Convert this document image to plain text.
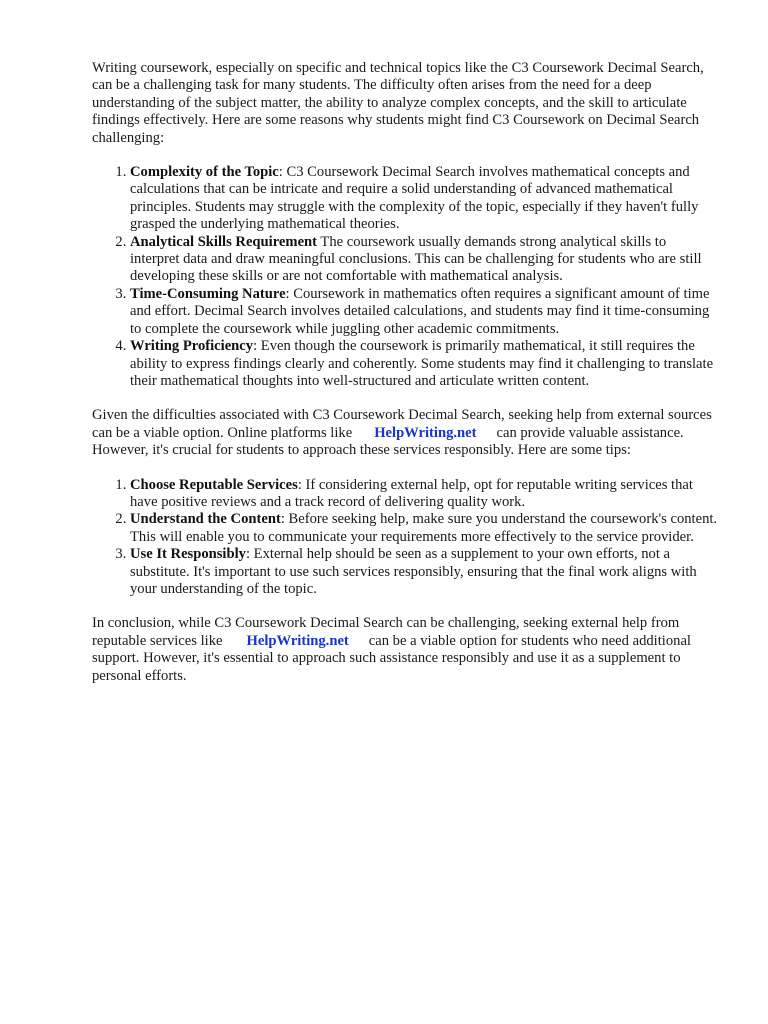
Writing coursework, especially on specific and technical topics like the C3 Coursework Decimal Search, can be a challenging task for many students. The difficulty often arises from the need for a deep understanding of the subject matter, the ability to analyze complex concepts, and the skill to articulate findings effectively. Here are some reasons why students might find C3 Coursework on Decimal Search challenging:

1. Complexity of the Topic: C3 Coursework Decimal Search involves mathematical concepts and calculations that can be intricate and require a solid understanding of advanced mathematical principles. Students may struggle with the complexity of the topic, especially if they haven't fully grasped the underlying mathematical theories.
2. Analytical Skills Requirement The coursework usually demands strong analytical skills to interpret data and draw meaningful conclusions. This can be challenging for students who are still developing these skills or are not comfortable with mathematical analysis.
3. Time-Consuming Nature: Coursework in mathematics often requires a significant amount of time and effort. Decimal Search involves detailed calculations, and students may find it time-consuming to complete the coursework while juggling other academic commitments.
4. Writing Proficiency: Even though the coursework is primarily mathematical, it still requires the ability to express findings clearly and coherently. Some students may find it challenging to translate their mathematical thoughts into well-structured and articulate written content.

Given the difficulties associated with C3 Coursework Decimal Search, seeking help from external sources can be a viable option. Online platforms like HelpWriting.net can provide valuable assistance. However, it's crucial for students to approach these services responsibly. Here are some tips:

1. Choose Reputable Services: If considering external help, opt for reputable writing services that have positive reviews and a track record of delivering quality work.
2. Understand the Content: Before seeking help, make sure you understand the coursework's content. This will enable you to communicate your requirements more effectively to the service provider.
3. Use It Responsibly: External help should be seen as a supplement to your own efforts, not a substitute. It's important to use such services responsibly, ensuring that the final work aligns with your understanding of the topic.

In conclusion, while C3 Coursework Decimal Search can be challenging, seeking external help from reputable services like HelpWriting.net can be a viable option for students who need additional support. However, it's essential to approach such assistance responsibly and use it as a supplement to personal efforts.
